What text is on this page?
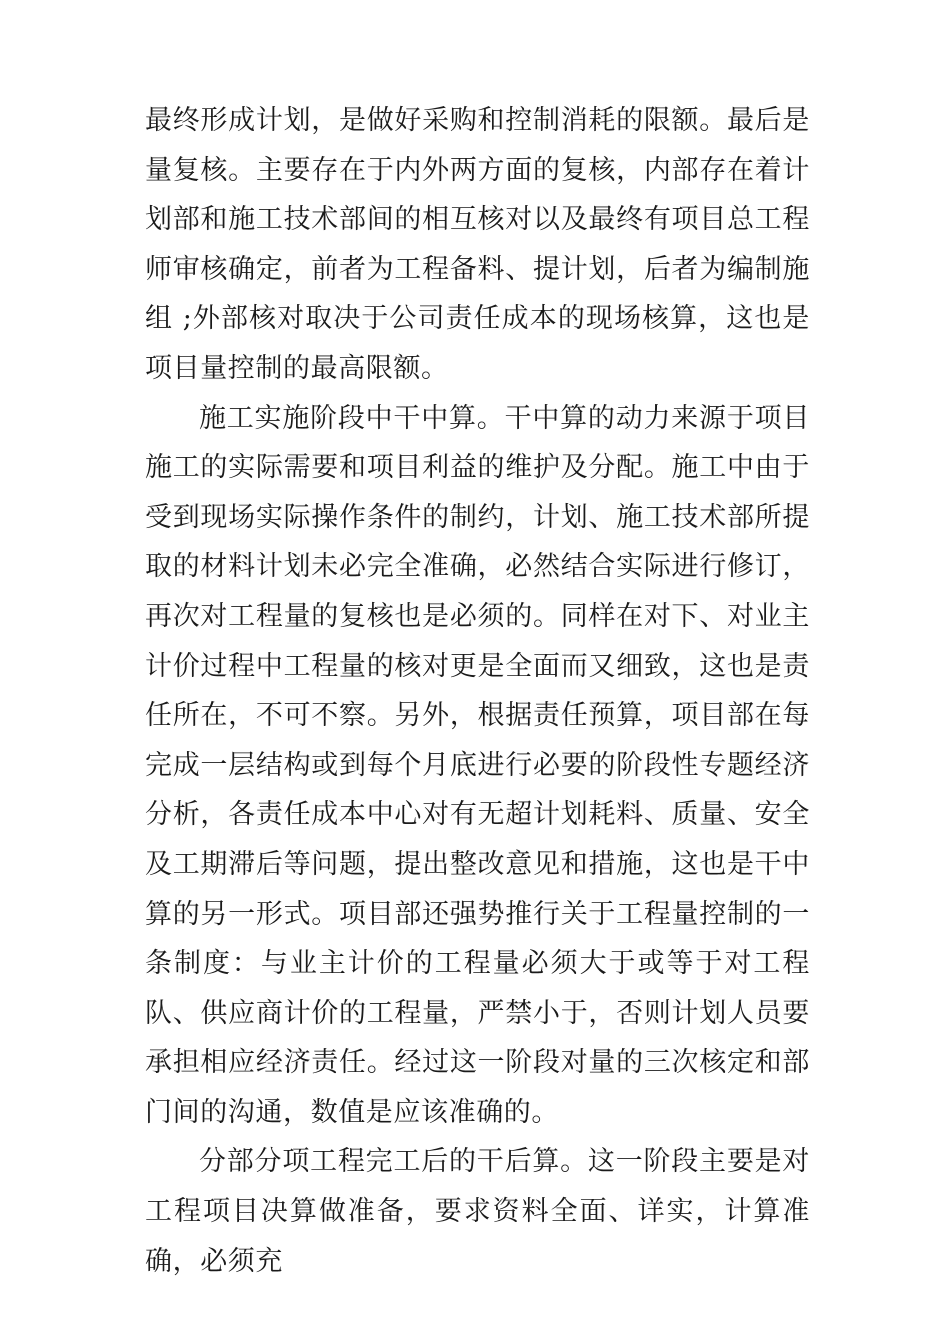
最终形成计划，是做好采购和控制消耗的限额。最后是量复核。主要存在于内外两方面的复核，内部存在着计划部和施工技术部间的相互核对以及最终有项目总工程师审核确定，前者为工程备料、提计划，后者为编制施组 ;外部核对取决于公司责任成本的现场核算，这也是项目量控制的最高限额。

施工实施阶段中干中算。干中算的动力来源于项目施工的实际需要和项目利益的维护及分配。施工中由于受到现场实际操作条件的制约，计划、施工技术部所提取的材料计划未必完全准确，必然结合实际进行修订，再次对工程量的复核也是必须的。同样在对下、对业主计价过程中工程量的核对更是全面而又细致，这也是责任所在，不可不察。另外，根据责任预算，项目部在每完成一层结构或到每个月底进行必要的阶段性专题经济分析，各责任成本中心对有无超计划耗料、质量、安全及工期滞后等问题，提出整改意见和措施，这也是干中算的另一形式。项目部还强势推行关于工程量控制的一条制度：与业主计价的工程量必须大于或等于对工程队、供应商计价的工程量，严禁小于，否则计划人员要承担相应经济责任。经过这一阶段对量的三次核定和部门间的沟通，数值是应该准确的。

分部分项工程完工后的干后算。这一阶段主要是对工程项目决算做准备，要求资料全面、详实，计算准确，必须充
